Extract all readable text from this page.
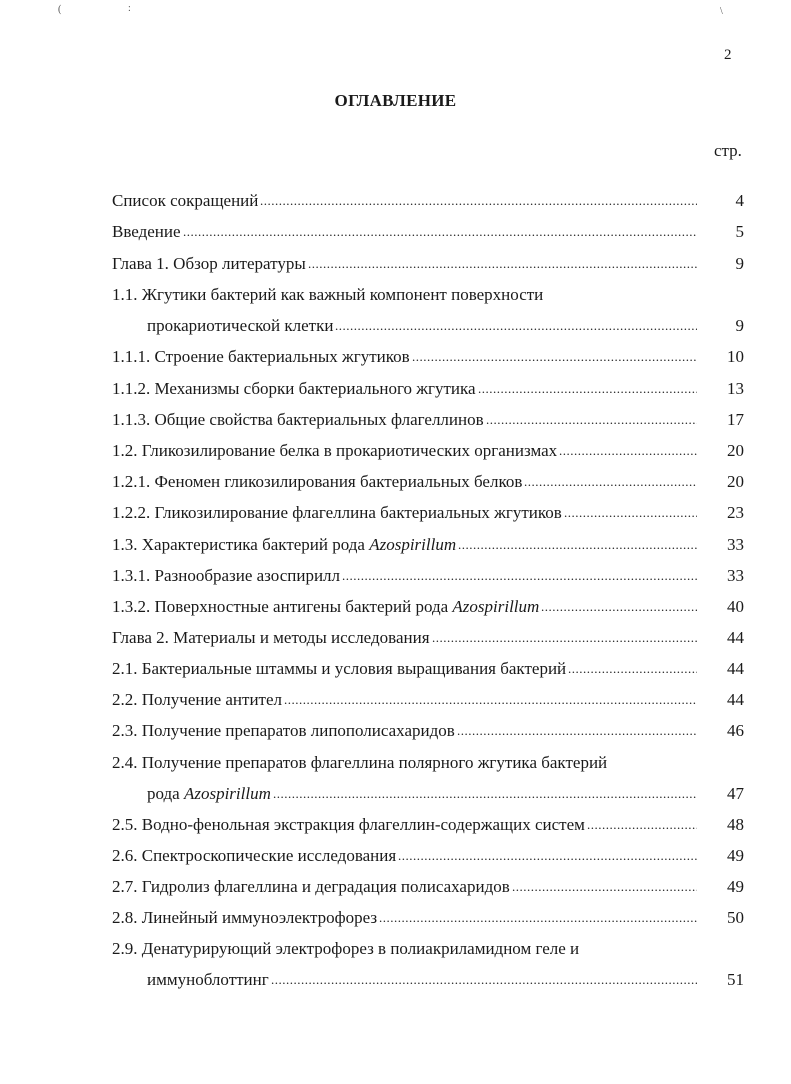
(	:	\
2
ОГЛАВЛЕНИЕ
стр.
Список сокращений .....	4
Введение .....	5
Глава 1. Обзор литературы .....	9
1.1. Жгутики бактерий как важный компонент поверхности
прокариотической клетки .....	9
1.1.1. Строение бактериальных жгутиков .....	10
1.1.2. Механизмы сборки бактериального жгутика .....	13
1.1.3. Общие свойства бактериальных флагеллинов .....	17
1.2. Гликозилирование белка в прокариотических организмах .....	20
1.2.1. Феномен гликозилирования бактериальных белков .....	20
1.2.2. Гликозилирование флагеллина бактериальных жгутиков .....	23
1.3. Характеристика бактерий рода Azospirillum .....	33
1.3.1. Разнообразие азоспирилл .....	33
1.3.2. Поверхностные антигены бактерий рода Azospirillum .....	40
Глава 2. Материалы и методы исследования .....	44
2.1. Бактериальные штаммы и условия выращивания бактерий .....	44
2.2. Получение антител .....	44
2.3. Получение препаратов липополисахаридов .....	46
2.4. Получение препаратов флагеллина полярного жгутика бактерий
рода Azospirillum .....	47
2.5. Водно-фенольная экстракция флагеллин-содержащих систем .....	48
2.6. Спектроскопические исследования .....	49
2.7. Гидролиз флагеллина и деградация полисахаридов .....	49
2.8. Линейный иммуноэлектрофорез .....	50
2.9. Денатурирующий электрофорез в полиакриламидном геле и
иммуноблоттинг .....	51
